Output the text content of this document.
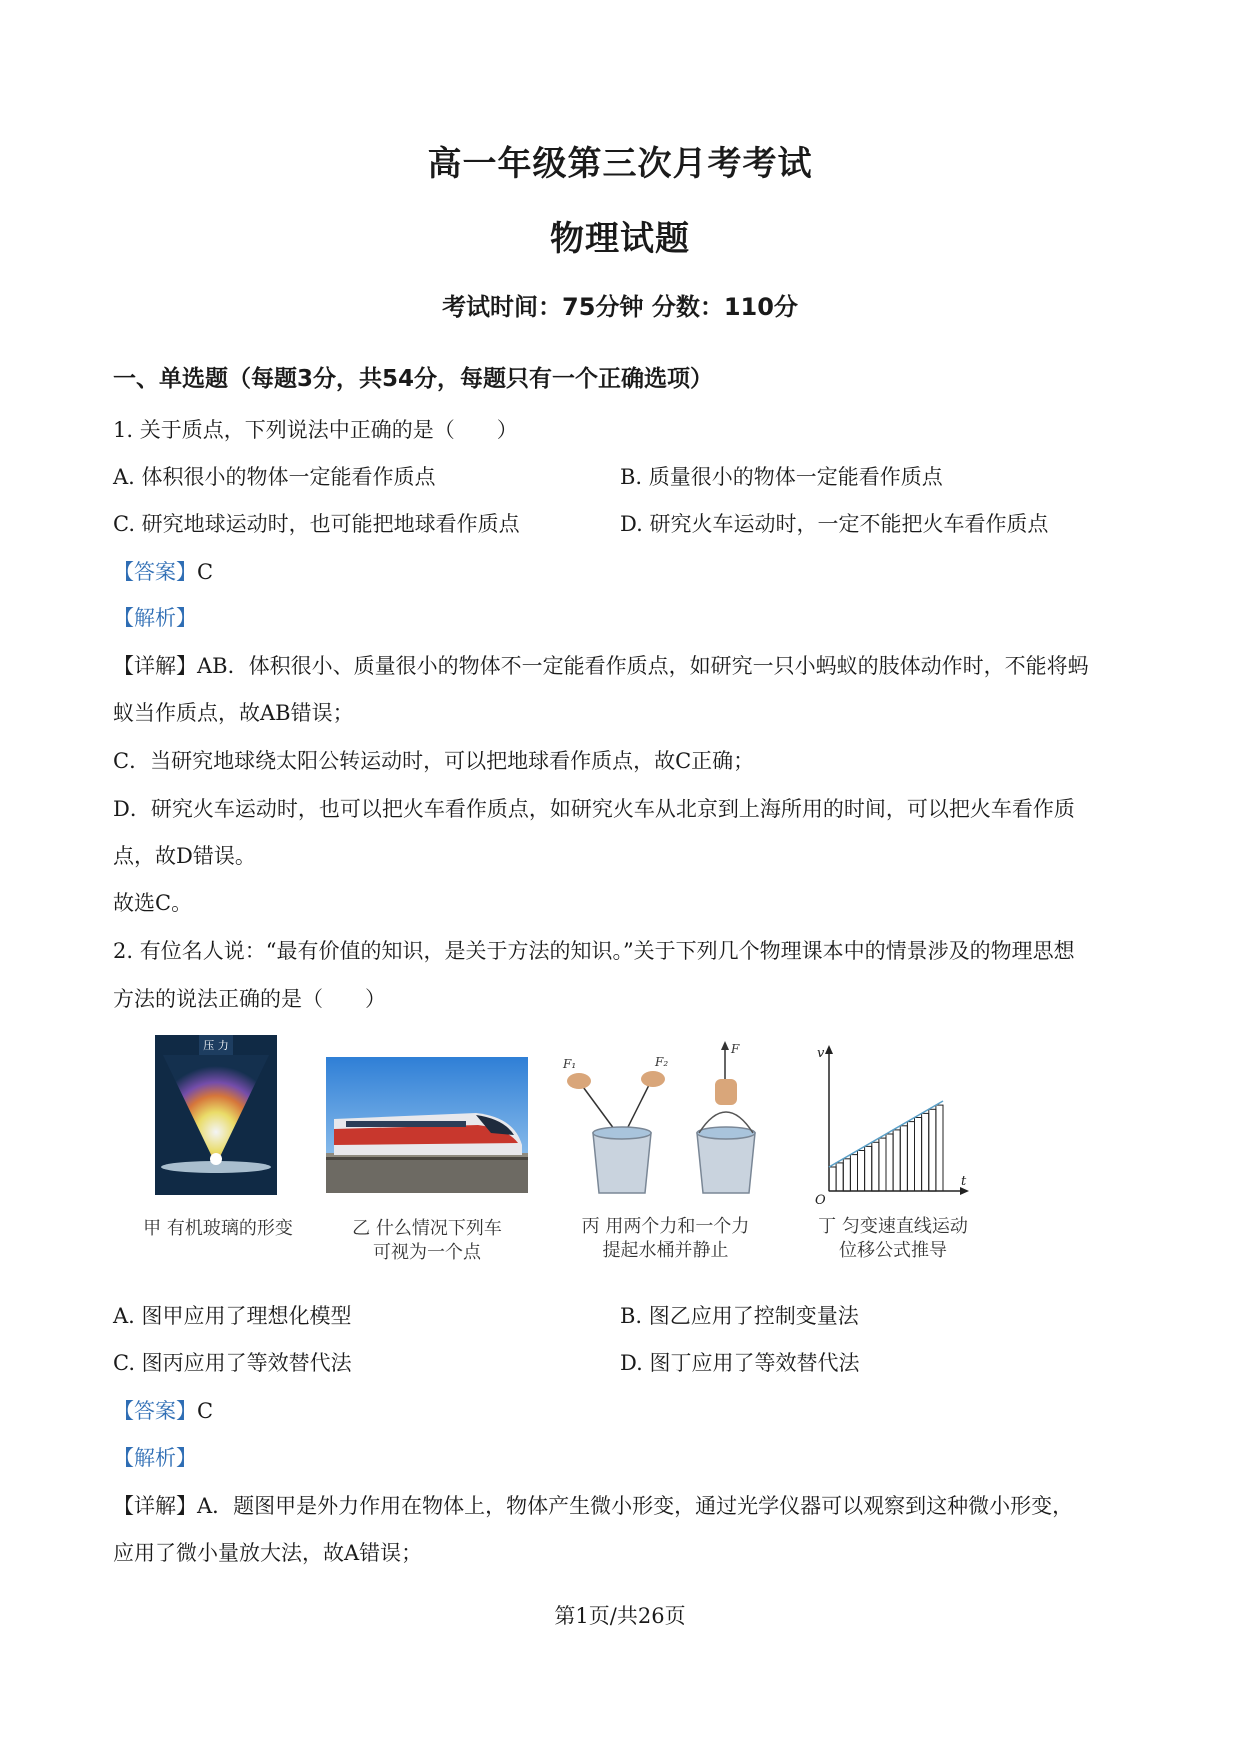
高一年级第三次月考考试
物理试题
考试时间：75分钟 分数：110分
一、单选题（每题3分，共54分，每题只有一个正确选项）
1. 关于质点，下列说法中正确的是（　　）
A. 体积很小的物体一定能看作质点	B. 质量很小的物体一定能看作质点
C. 研究地球运动时，也可能把地球看作质点	D. 研究火车运动时，一定不能把火车看作质点
【答案】C
【解析】
【详解】AB．体积很小、质量很小的物体不一定能看作质点，如研究一只小蚂蚁的肢体动作时，不能将蚂
蚁当作质点，故AB错误；
C．当研究地球绕太阳公转运动时，可以把地球看作质点，故C正确；
D．研究火车运动时，也可以把火车看作质点，如研究火车从北京到上海所用的时间，可以把火车看作质
点，故D错误。
故选C。
2. 有位名人说：“最有价值的知识，是关于方法的知识。”关于下列几个物理课本中的情景涉及的物理思想
方法的说法正确的是（　　）
压 力
甲 有机玻璃的形变	乙 什么情况下列车
可视为一个点
F₁	F₂
F
丙 用两个力和一个力
提起水桶并静止
v
t
O
丁 匀变速直线运动
位移公式推导
A. 图甲应用了理想化模型	B. 图乙应用了控制变量法
C. 图丙应用了等效替代法	D. 图丁应用了等效替代法
【答案】C
【解析】
【详解】A．题图甲是外力作用在物体上，物体产生微小形变，通过光学仪器可以观察到这种微小形变，
应用了微小量放大法，故A错误；
第1页/共26页
